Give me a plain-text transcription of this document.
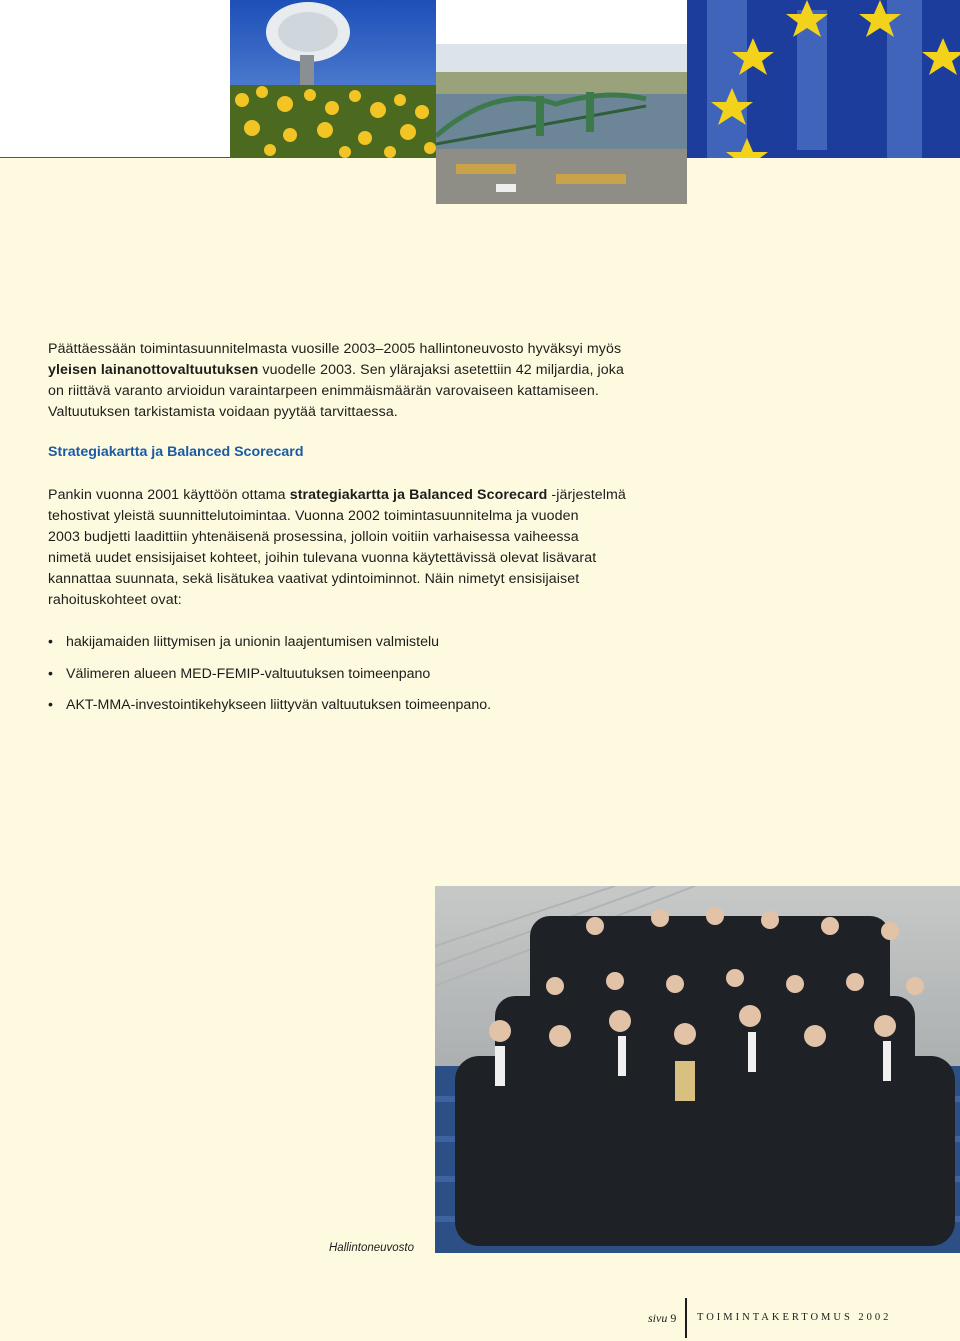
Päättäessään toimintasuunnitelmasta vuosille 2003–2005 hallintoneuvosto hyväksyi myös

yleisen lainanottovaltuutuksen vuodelle 2003. Sen ylärajaksi asetettiin 42 miljardia, joka

on riittävä varanto arvioidun varaintarpeen enimmäismäärän varovaiseen kattamiseen.

Valtuutuksen tarkistamista voidaan pyytää tarvittaessa.

Strategiakartta ja Balanced Scorecard

Pankin vuonna 2001 käyttöön ottama strategiakartta ja Balanced Scorecard -järjestelmä

tehostivat yleistä suunnittelutoimintaa. Vuonna 2002 toimintasuunnitelma ja vuoden

2003 budjetti laadittiin yhtenäisenä prosessina, jolloin voitiin varhaisessa vaiheessa

nimetä uudet ensisijaiset kohteet, joihin tulevana vuonna käytettävissä olevat lisävarat

kannattaa suunnata, sekä lisätukea vaativat ydintoiminnot. Näin nimetyt ensisijaiset

rahoituskohteet ovat:

• hakijamaiden liittymisen ja unionin laajentumisen valmistelu
• Välimeren alueen MED-FEMIP-valtuutuksen toimeenpano
• AKT-MMA-investointikehykseen liittyvän valtuutuksen toimeenpano.
Hallintoneuvosto
sivu 9 TOIMINTAKERTOMUS 2002
